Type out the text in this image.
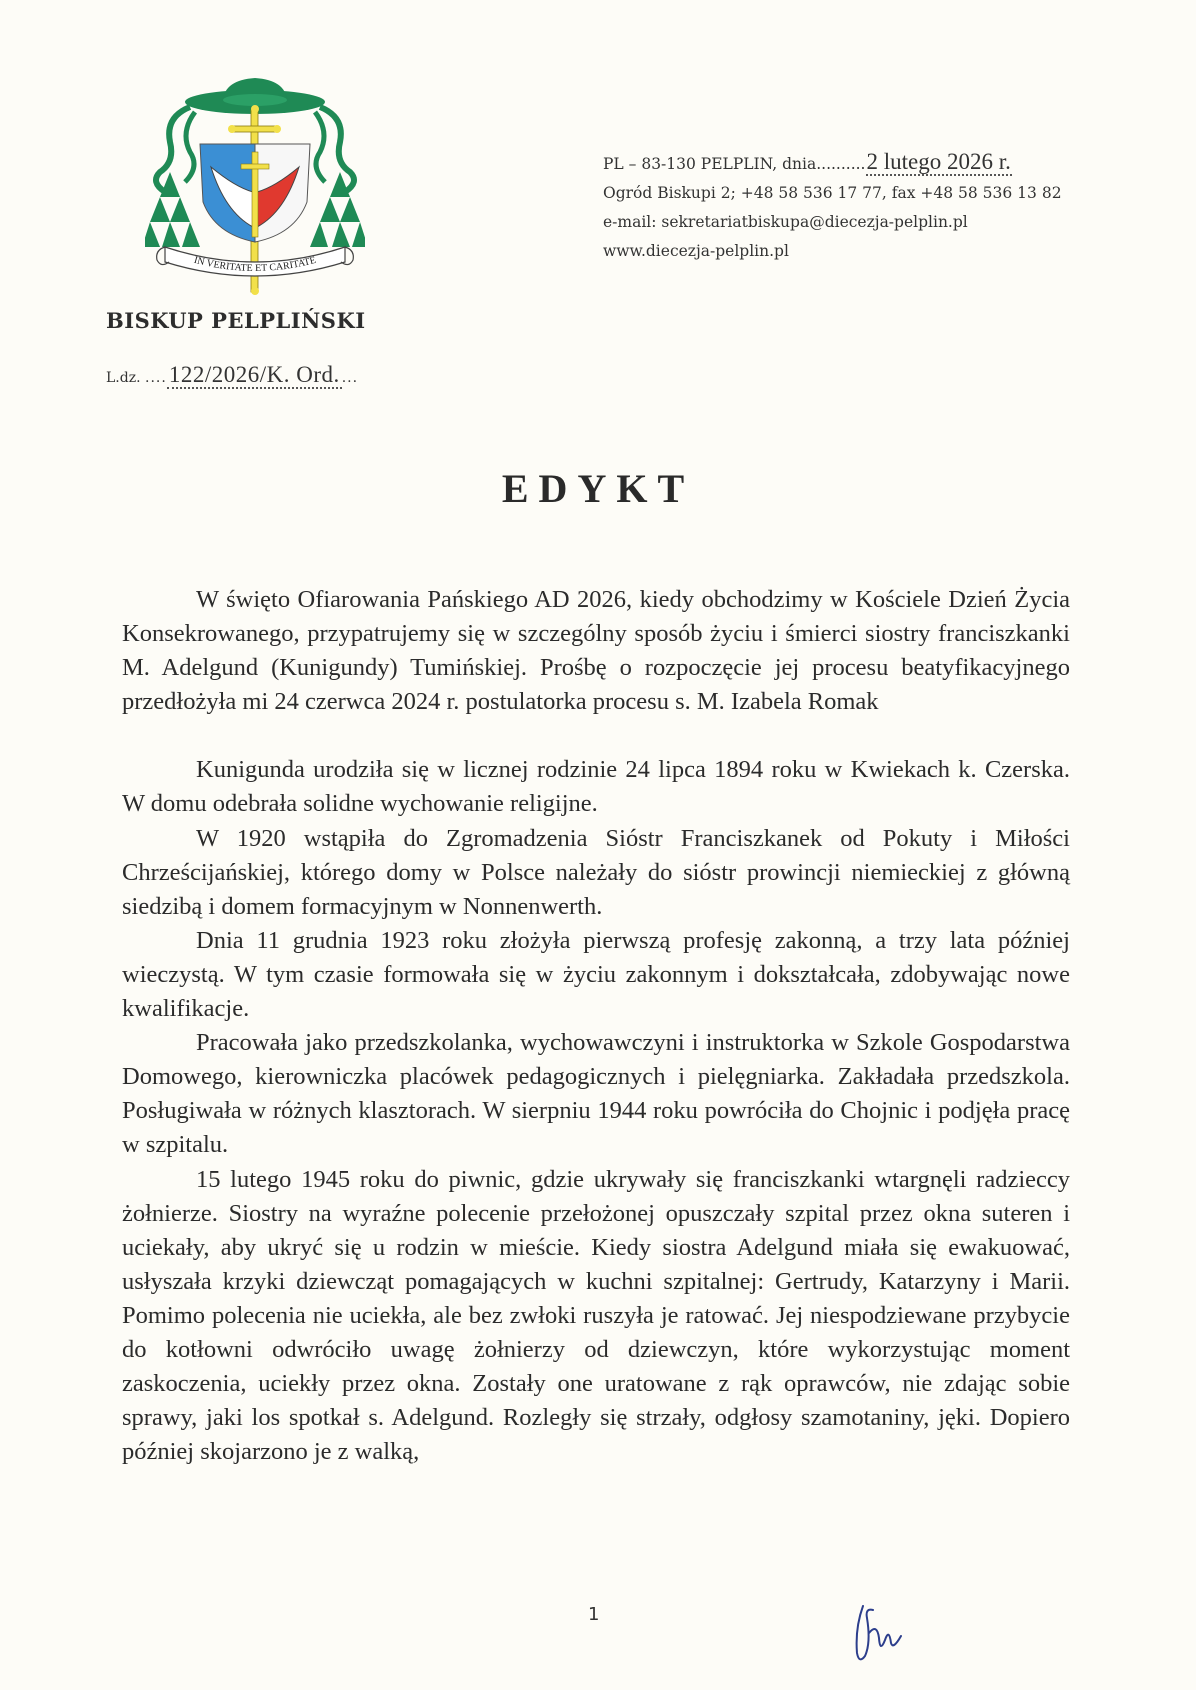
IN VERITATE ET CARITATE
BISKUP PELPLIŃSKI
L.dz. ....122/2026/K. Ord. ...
PL – 83-130 PELPLIN, dnia..........2 lutego 2026 r.
Ogród Biskupi 2; +48 58 536 17 77, fax +48 58 536 13 82
e-mail: sekretariatbiskupa@diecezja-pelplin.pl
www.diecezja-pelplin.pl
EDYKT

W święto Ofiarowania Pańskiego AD 2026, kiedy obchodzimy w Kościele Dzień Życia Konsekrowanego, przypatrujemy się w szczególny sposób życiu i śmierci siostry franciszkanki M. Adelgund (Kunigundy) Tumińskiej. Prośbę o rozpoczęcie jej procesu beatyfikacyjnego przedłożyła mi 24 czerwca 2024 r. postulatorka procesu s. M. Izabela Romak

Kunigunda urodziła się w licznej rodzinie 24 lipca 1894 roku w Kwiekach k. Czerska. W domu odebrała solidne wychowanie religijne.

W 1920 wstąpiła do Zgromadzenia Sióstr Franciszkanek od Pokuty i Miłości Chrześcijańskiej, którego domy w Polsce należały do sióstr prowincji niemieckiej z główną siedzibą i domem formacyjnym w Nonnenwerth.

Dnia 11 grudnia 1923 roku złożyła pierwszą profesję zakonną, a trzy lata później wieczystą. W tym czasie formowała się w życiu zakonnym i dokształcała, zdobywając nowe kwalifikacje.

Pracowała jako przedszkolanka, wychowawczyni i instruktorka w Szkole Gospodarstwa Domowego, kierowniczka placówek pedagogicznych i pielęgniarka. Zakładała przedszkola. Posługiwała w różnych klasztorach. W sierpniu 1944 roku powróciła do Chojnic i podjęła pracę w szpitalu.

15 lutego 1945 roku do piwnic, gdzie ukrywały się franciszkanki wtargnęli radzieccy żołnierze. Siostry na wyraźne polecenie przełożonej opuszczały szpital przez okna suteren i uciekały, aby ukryć się u rodzin w mieście. Kiedy siostra Adelgund miała się ewakuować, usłyszała krzyki dziewcząt pomagających w kuchni szpitalnej: Gertrudy, Katarzyny i Marii. Pomimo polecenia nie uciekła, ale bez zwłoki ruszyła je ratować. Jej niespodziewane przybycie do kotłowni odwróciło uwagę żołnierzy od dziewczyn, które wykorzystując moment zaskoczenia, uciekły przez okna. Zostały one uratowane z rąk oprawców, nie zdając sobie sprawy, jaki los spotkał s. Adelgund. Rozległy się strzały, odgłosy szamotaniny, jęki. Dopiero później skojarzono je z walką,

1
